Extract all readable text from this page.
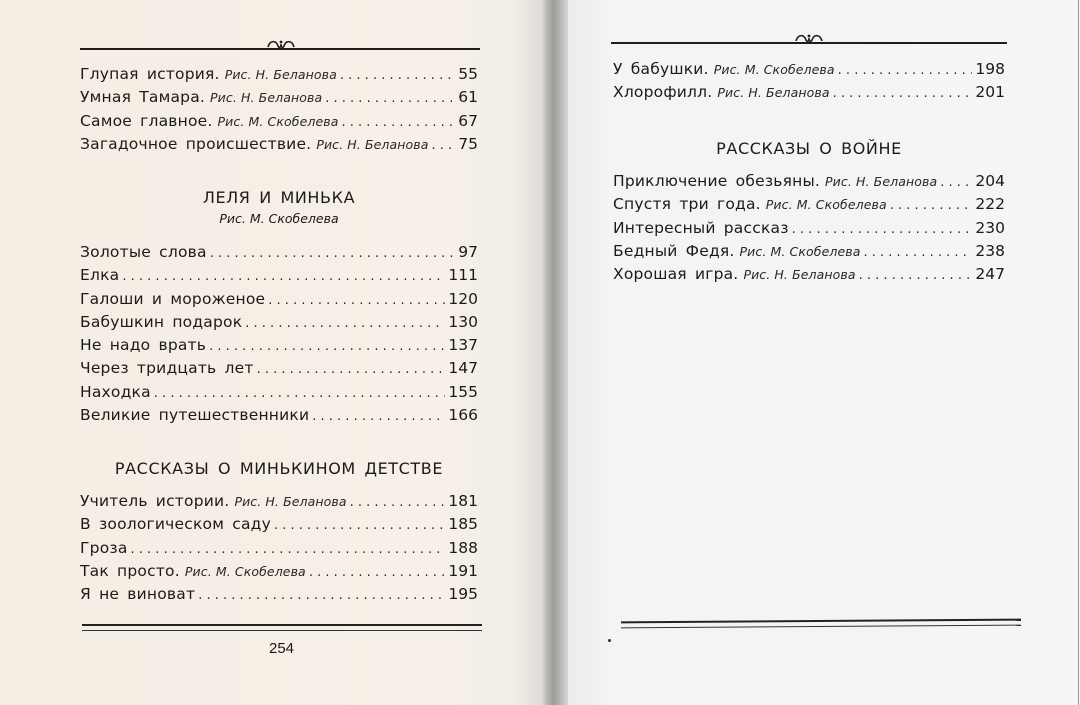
Глупая история. Рис. Н. Беланова . . .	55
Умная Тамара. Рис. Н. Беланова . . .	61
Самое главное. Рис. М. Скобелева . . .	67
Загадочное происшествие. Рис. Н. Беланова . . . 75
ЛЕЛЯ И МИНЬКА
Рис. М. Скобелева
Золотые слова . . .	97
Елка . . .	111
Галоши и мороженое . . .	120
Бабушкин подарок . . .	130
Не надо врать . . .	137
Через тридцать лет . . .	147
Находка . . .	155
Великие путешественники . . .	166
РАССКАЗЫ О МИНЬКИНОМ ДЕТСТВЕ
Учитель истории. Рис. Н. Беланова . . .	181
В зоологическом саду . . .	185
Гроза . . .	188
Так просто. Рис. М. Скобелева . . .	191
Я не виноват . . .	195
254
У бабушки. Рис. М. Скобелева . . .	198
Хлорофилл. Рис. Н. Беланова . . .	201
РАССКАЗЫ О ВОЙНЕ
Приключение обезьяны. Рис. Н. Беланова . . . 204
Спустя три года. Рис. М. Скобелева . . .	222
Интересный рассказ . . .	230
Бедный Федя. Рис. М. Скобелева . . .	238
Хорошая игра. Рис. Н. Беланова . . .	247
